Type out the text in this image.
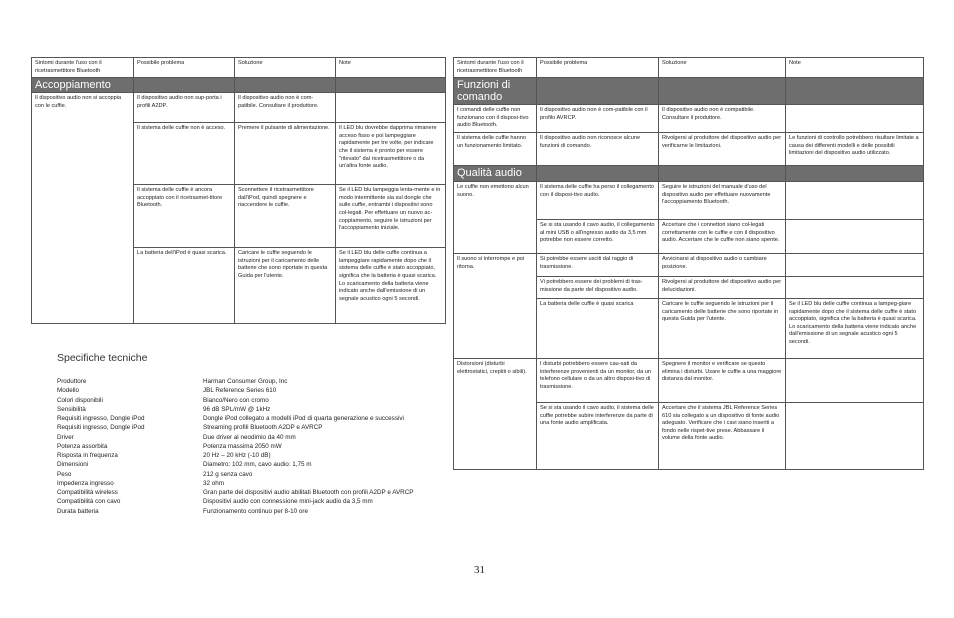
Sintomi durante l'uso con il ricetrasmettitore Bluetooth	Possibile problema	Soluzione	Note
Accoppiamento			
Il dispositivo audio non si accoppia con le cuffie.	Il dispositivo audio non sup-porta i profili A2DP.	Il dispositivo audio non è com-patibile. Consultare il produttore.	
	Il sistema delle cuffie non è acceso.	Premere il pulsante di alimentazione.	Il LED blu dovrebbe dapprima rimanere acceso fisso e poi lampeggiare rapidamente per tre volte, per indicare che il sistema è pronto per essere "rilevato" dal ricetrasmettitore o da un'altra fonte audio.
	Il sistema delle cuffie è ancora accoppiato con il ricetrasmet-titore Bluetooth.	Sconnettere il ricetrasmettitore dall'iPod, quindi spegnere e riaccendere le cuffie.	Se il LED blu lampeggia lenta-mente e in modo intermittente sia sul dongle che sulle cuffie, entrambi i dispositivi sono col-legati. Per effettuare un nuovo ac-coppiamento, seguire le istruzioni per l'accoppiamento iniziale.
	La batteria dell'iPod è quasi scarica.	Caricare le cuffie seguendo le istruzioni per il caricamento delle batterie che sono riportate in questa Guida per l'utente.	Se il LED blu delle cuffie continua a lampeggiare rapidamente dopo che il sistema delle cuffie è stato accoppiato, significa che la batteria è quasi scarica. Lo scaricamento della batteria viene indicato anche dall'emissione di un segnale acustico ogni 5 secondi.
Specifiche tecniche
Produttore	Harman Consumer Group, Inc
Modello	JBL Reference Series 610
Colori disponibili	Bianco/Nero con cromo
Sensibilità	96 dB SPL/mW @ 1kHz
Requisiti ingresso, Dongle iPod	Dongle iPod collegato a modelli iPod di quarta generazione e successivi
Requisiti ingresso, Dongle iPod	Streaming profili Bluetooth A2DP e AVRCP
Driver	Due driver al neodimio da 40 mm
Potenza assorbita	Potenza massima 2050 mW
Risposta in frequenza	20 Hz – 20 kHz (-10 dB)
Dimensioni	Diametro: 102 mm, cavo audio: 1,75 m
Peso	212 g senza cavo
Impedenza ingresso	32 ohm
Compatibilità wireless	Gran parte dei dispositivi audio abilitati Bluetooth con profili A2DP e AVRCP
Compatibilità con cavo	Dispositivi audio con connessione mini-jack audio da 3,5 mm
Durata batteria	Funzionamento continuo per 8-10 ore
Sintomi durante l'uso con il ricetrasmettitore Bluetooth	Possibile problema	Soluzione	Note
Funzioni di comando			
I comandi delle cuffie non funzionano con il disposi-tivo audio Bluetooth.	Il dispositivo audio non è com-patibile con il profilo AVRCP.	Il dispositivo audio non è compatibile. Consultare il produttore.	
Il sistema delle cuffie hanno un funzionamento limitato.	Il dispositivo audio non riconosce alcune funzioni di comando.	Rivolgersi al produttore del dispositivo audio per verificarne le limitazioni.	Le funzioni di controllo potrebbero risultare limitate a causa dei differenti modelli e delle possibili limitazioni del dispositivo audio utilizzato.
Qualità audio			
Le cuffie non emettono alcun suono.	Il sistema delle cuffie ha perso il collegamento con il disposi-tivo audio.	Seguire le istruzioni del manuale d'uso del dispositivo audio per effettuare nuovamente l'accoppiamento Bluetooth.	
	Se si sta usando il cavo audio, il collegamento al mini USB o all'ingresso audio da 3,5 mm potrebbe non essere corretto.	Accertare che i connettori siano col-legati correttamente con le cuffie e con il dispositivo audio. Accertare che le cuffie non siano spente.	
Il suono si interrompe e poi ritorna.	Si potrebbe essere usciti dal raggio di trasmissione.	Avvicinarsi al dispositivo audio o cambiare posizione.	
	Vi potrebbero essere dei problemi di tras-missione da parte del dispositivo audio.	Rivolgersi al produttore del dispositivo audio per delucidazioni.	
	La batteria delle cuffie è quasi scarica	Caricare le cuffie seguendo le istruzioni per il caricamento delle batterie che sono riportate in questa Guida per l'utente.	Se il LED blu delle cuffie continua a lampeg-giare rapidamente dopo che il sistema delle cuffie è stato accoppiato, significa che la batteria è quasi scarica. Lo scaricamento della batteria viene indicato anche dall'emissione di un segnale acustico ogni 5 secondi.
Distorsioni (disturbi elettrostatici, crepitii o sibili).	I disturbi potrebbero essere cau-sati da interferenze provenienti da un monitor, da un telefono cellulare o da un altro disposi-tivo di trasmissione.	Spegnere il monitor e verificare se questo elimina i disturbi. Usare le cuffie a una maggiore distanza dal monitor.	
	Se si sta usando il cavo audio, il sistema delle cuffie potrebbe subire interferenze da parte di una fonte audio amplificata.	Accertare che il sistema JBL Reference Series 610 sia collegato a un dispositivo di fonte audio adeguato. Verificare che i cavi siano inseriti a fondo nelle rispet-tive prese. Abbassare il volume della fonte audio.	
31
